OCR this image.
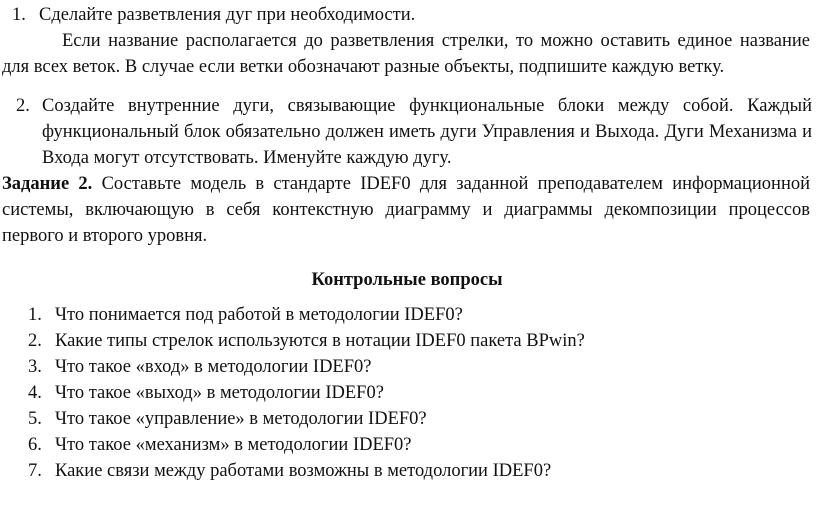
1. Сделайте разветвления дуг при необходимости.

Если название располагается до разветвления стрелки, то можно оставить единое название для всех веток. В случае если ветки обозначают разные объекты, подпишите каждую ветку.

2. Создайте внутренние дуги, связывающие функциональные блоки между собой. Каждый функциональный блок обязательно должен иметь дуги Управления и Выхода. Дуги Механизма и Входа могут отсутствовать. Именуйте каждую дугу.

Задание 2. Составьте модель в стандарте IDEF0 для заданной преподавателем информационной системы, включающую в себя контекстную диаграмму и диаграммы декомпозиции процессов первого и второго уровня.

Контрольные вопросы

1. Что понимается под работой в методологии IDEF0?
2. Какие типы стрелок используются в нотации IDEF0 пакета BPwin?
3. Что такое «вход» в методологии IDEF0?
4. Что такое «выход» в методологии IDEF0?
5. Что такое «управление» в методологии IDEF0?
6. Что такое «механизм» в методологии IDEF0?
7. Какие связи между работами возможны в методологии IDEF0?
